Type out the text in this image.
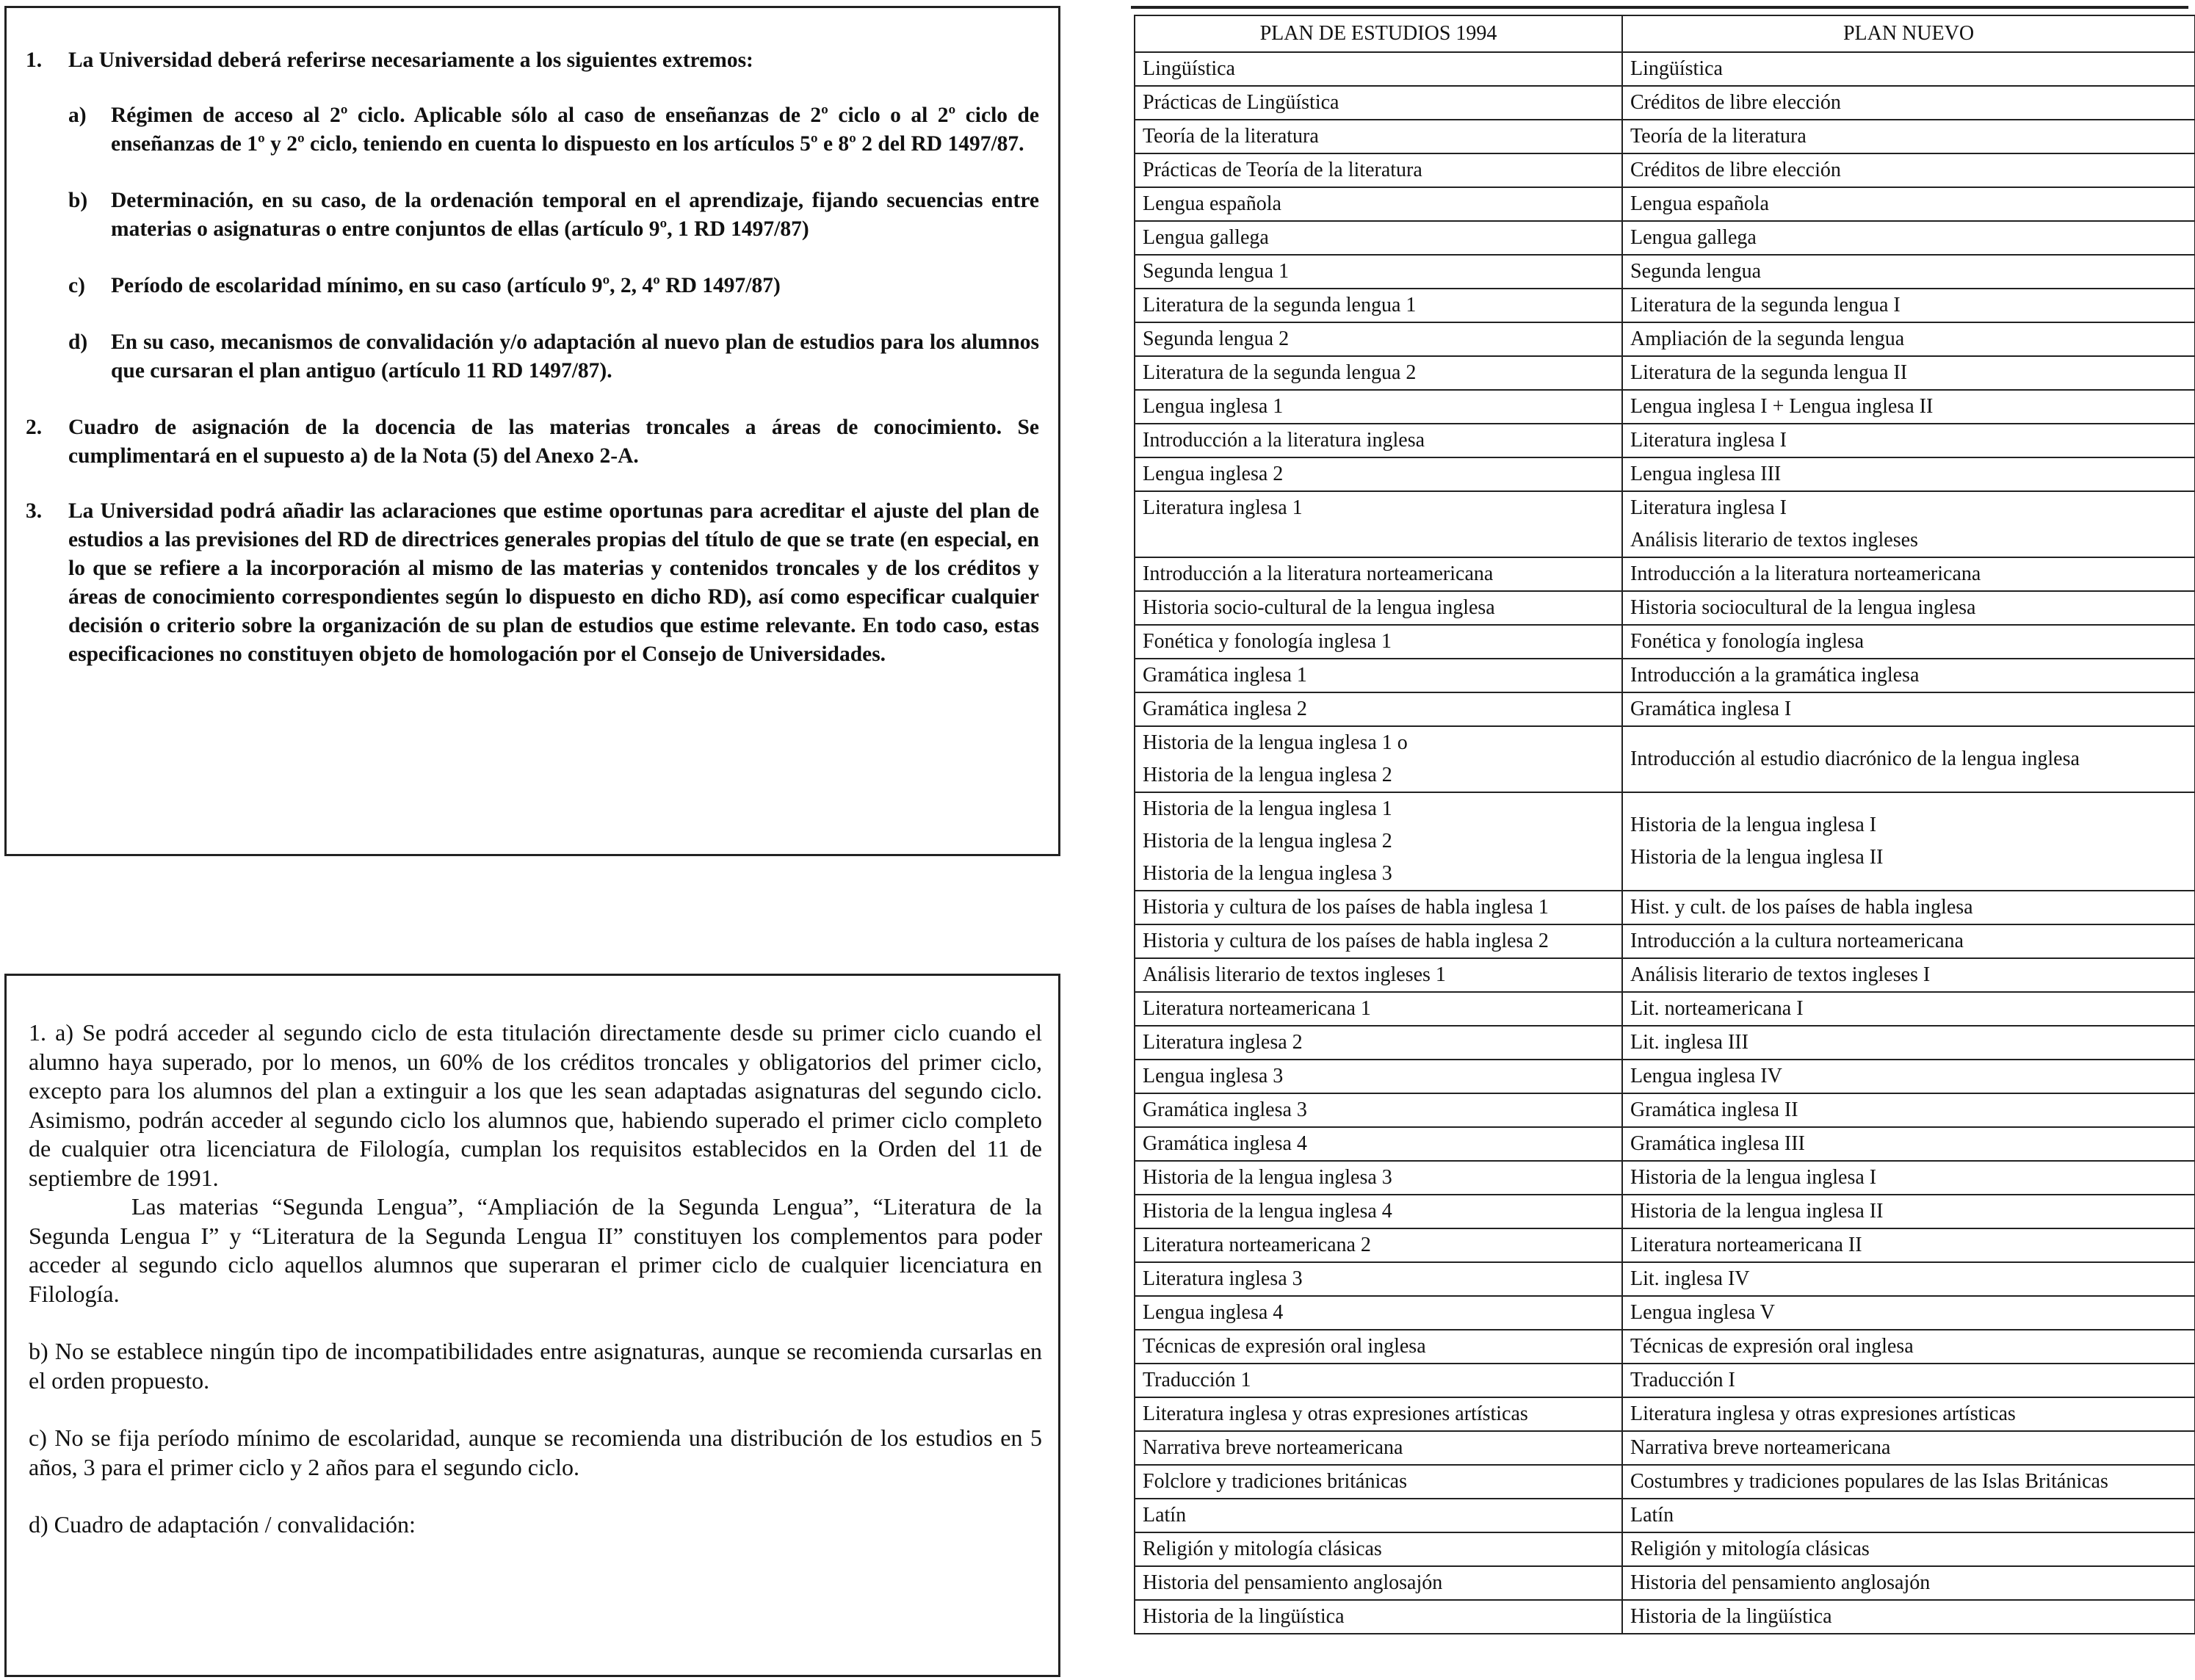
1.	La Universidad deberá referirse necesariamente a los siguientes extremos:
a)	Régimen de acceso al 2º ciclo. Aplicable sólo al caso de enseñanzas de 2º ciclo o al 2º ciclo de enseñanzas de 1º y 2º ciclo, teniendo en cuenta lo dispuesto en los artículos 5º e 8º 2 del RD 1497/87.
b)	Determinación, en su caso, de la ordenación temporal en el aprendizaje, fijando secuencias entre materias o asignaturas o entre conjuntos de ellas (artículo 9º, 1 RD 1497/87)
c)	Período de escolaridad mínimo, en su caso (artículo 9º, 2, 4º RD 1497/87)
d)	En su caso, mecanismos de convalidación y/o adaptación al nuevo plan de estudios para los alumnos que cursaran el plan antiguo (artículo 11 RD 1497/87).
2.	Cuadro de asignación de la docencia de las materias troncales a áreas de conocimiento. Se cumplimentará en el supuesto a) de la Nota (5) del Anexo 2-A.
3.	La Universidad podrá añadir las aclaraciones que estime oportunas para acreditar el ajuste del plan de estudios a las previsiones del RD de directrices generales propias del título de que se trate (en especial, en lo que se refiere a la incorporación al mismo de las materias y contenidos troncales y de los créditos y áreas de conocimiento correspondientes según lo dispuesto en dicho RD), así como especificar cualquier decisión o criterio sobre la organización de su plan de estudios que estime relevante. En todo caso, estas especificaciones no constituyen objeto de homologación por el Consejo de Universidades.

1. a) Se podrá acceder al segundo ciclo de esta titulación directamente desde su primer ciclo cuando el alumno haya superado, por lo menos, un 60% de los créditos troncales y obligatorios del primer ciclo, excepto para los alumnos del plan a extinguir a los que les sean adaptadas asignaturas del segundo ciclo. Asimismo, podrán acceder al segundo ciclo los alumnos que, habiendo superado el primer ciclo completo de cualquier otra licenciatura de Filología, cumplan los requisitos establecidos en la Orden del 11 de septiembre de 1991.

Las materias “Segunda Lengua”, “Ampliación de la Segunda Lengua”, “Literatura de la Segunda Lengua I” y “Literatura de la Segunda Lengua II” constituyen los complementos para poder acceder al segundo ciclo aquellos alumnos que superaran el primer ciclo de cualquier licenciatura en Filología.

b) No se establece ningún tipo de incompatibilidades entre asignaturas, aunque se recomienda cursarlas en el orden propuesto.

c) No se fija período mínimo de escolaridad, aunque se recomienda una distribución de los estudios en 5 años, 3 para el primer ciclo y 2 años para el segundo ciclo.

d) Cuadro de adaptación / convalidación:

PLAN DE ESTUDIOS 1994	PLAN NUEVO

Lingüística	Lingüística

Prácticas de Lingüística	Créditos de libre elección

Teoría de la literatura	Teoría de la literatura

Prácticas de Teoría de la literatura	Créditos de libre elección

Lengua española	Lengua española

Lengua gallega	Lengua gallega

Segunda lengua 1	Segunda lengua

Literatura de la segunda lengua 1	Literatura de la segunda lengua I

Segunda lengua 2	Ampliación de la segunda lengua

Literatura de la segunda lengua 2	Literatura de la segunda lengua II

Lengua inglesa 1	Lengua inglesa I + Lengua inglesa II

Introducción a la literatura inglesa	Literatura inglesa I

Lengua inglesa 2	Lengua inglesa III

Literatura inglesa 1	Literatura inglesa I
Análisis literario de textos ingleses

Introducción a la literatura norteamericana	Introducción a la literatura norteamericana

Historia socio-cultural de la lengua inglesa	Historia sociocultural de la lengua inglesa

Fonética y fonología inglesa 1	Fonética y fonología inglesa

Gramática inglesa 1	Introducción a la gramática inglesa

Gramática inglesa 2	Gramática inglesa I

Historia de la lengua inglesa 1 o
Historia de la lengua inglesa 2	Introducción al estudio diacrónico de la lengua inglesa

Historia de la lengua inglesa 1
Historia de la lengua inglesa 2
Historia de la lengua inglesa 3	Historia de la lengua inglesa I
Historia de la lengua inglesa II

Historia y cultura de los países de habla inglesa 1	Hist. y cult. de los países de habla inglesa

Historia y cultura de los países de habla inglesa 2	Introducción a la cultura norteamericana

Análisis literario de textos ingleses 1	Análisis literario de textos ingleses I

Literatura norteamericana 1	Lit. norteamericana I

Literatura inglesa 2	Lit. inglesa III

Lengua inglesa 3	Lengua inglesa IV

Gramática inglesa 3	Gramática inglesa II

Gramática inglesa 4	Gramática inglesa III

Historia de la lengua inglesa 3	Historia de la lengua inglesa I

Historia de la lengua inglesa 4	Historia de la lengua inglesa II

Literatura norteamericana 2	Literatura norteamericana II

Literatura inglesa 3	Lit. inglesa IV

Lengua inglesa 4	Lengua inglesa V

Técnicas de expresión oral inglesa	Técnicas de expresión oral inglesa

Traducción 1	Traducción I

Literatura inglesa y otras expresiones artísticas	Literatura inglesa y otras expresiones artísticas

Narrativa breve norteamericana	Narrativa breve norteamericana

Folclore y tradiciones británicas	Costumbres y tradiciones populares de las Islas Británicas

Latín	Latín

Religión y mitología clásicas	Religión y mitología clásicas

Historia del pensamiento anglosajón	Historia del pensamiento anglosajón

Historia de la lingüística	Historia de la lingüística
